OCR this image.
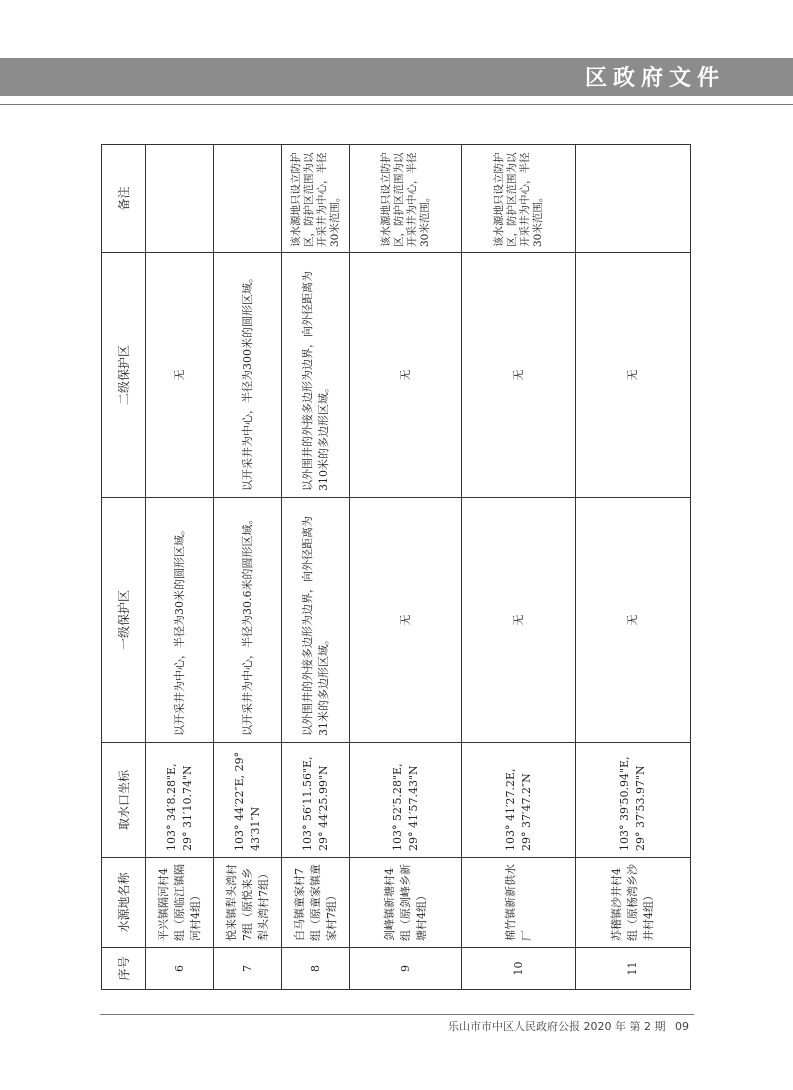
区政府文件
序号	水源地名称	取水口坐标	一级保护区	二级保护区	备注
6	平兴镇隔河村4组（原临江镇隔河村4组）	103° 34′8.28"E, 29° 31′10.74"N	以开采井为中心，半径为30米的圆形区域。	无	
7	悦来镇犁头湾村7组（原悦来乡犁头湾村7组）	103° 44′22″E, 29° 43′31″N	以开采井为中心，半径为30.6米的圆形区域。	以开采井为中心，半径为300米的圆形区域。	
8	白马镇童家村7组（原童家镇童家村7组）	103° 56′11.56"E, 29° 44′25.99"N	以外围井的外接多边形为边界，向外径距离为31米的多边形区域。	以外围井的外接多边形为边界，向外径距离为310米的多边形区域。	该水源地只设立防护区，防护区范围为以开采井为中心，半径30米范围。
9	剑峰镇新塘村4组（原剑峰乡新塘村4组）	103° 52′5.28"E, 29° 41′57.43"N	无	无	该水源地只设立防护区，防护区范围为以开采井为中心，半径30米范围。
10	棉竹镇新新供水厂	103° 41′27.2E, 29° 37′47.2″N	无	无	该水源地只设立防护区，防护区范围为以开采井为中心，半径30米范围。
11	苏稽镇沙井村4组（原杨湾乡沙井村4组）	103° 39′50.94"E, 29° 37′53.97"N	无	无	
乐山市市中区人民政府公报 2020 年 第 2 期 09
